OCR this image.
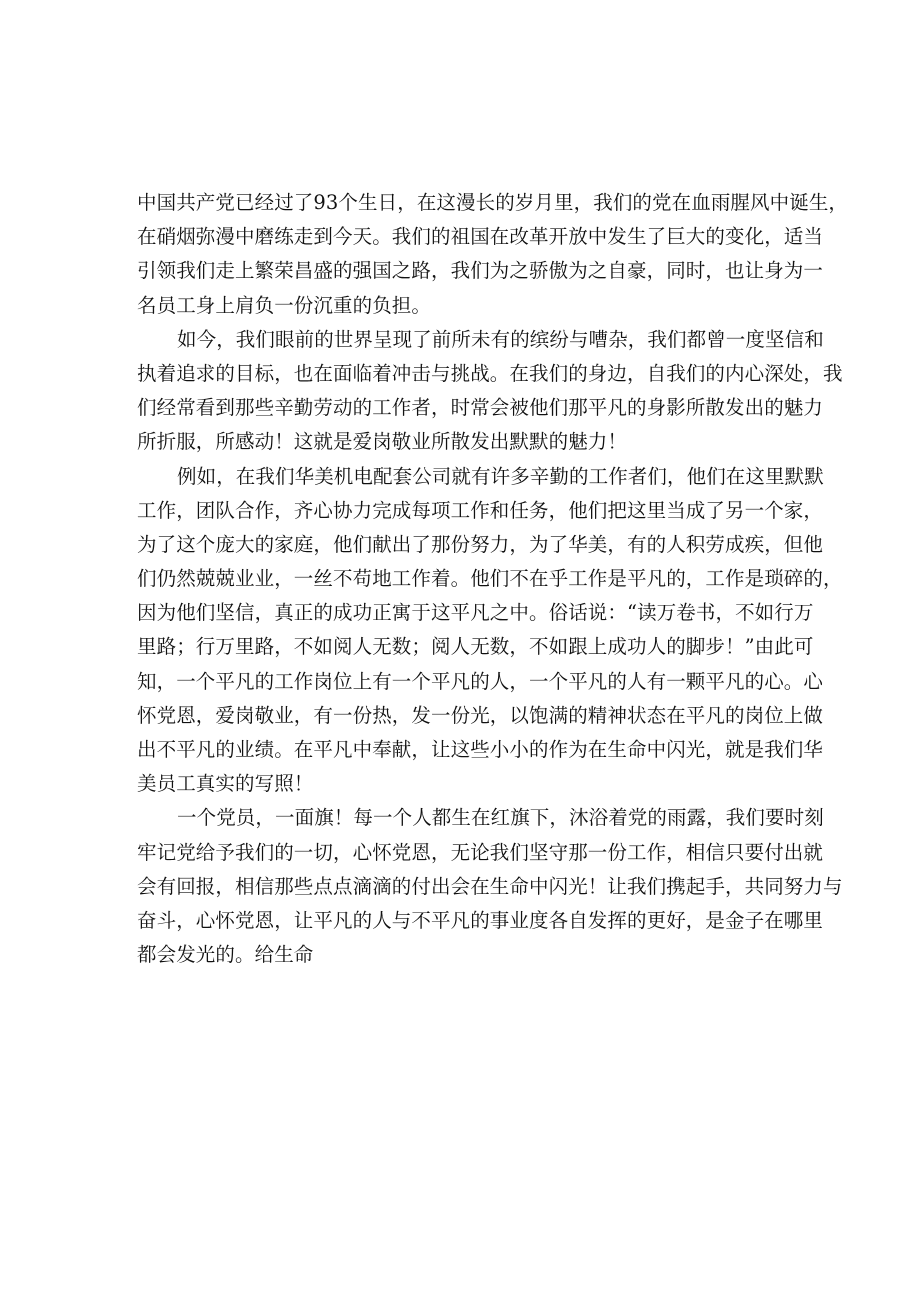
中国共产党已经过了93个生日，在这漫长的岁月里，我们的党在血雨腥风中诞生，
在硝烟弥漫中磨练走到今天。我们的祖国在改革开放中发生了巨大的变化，适当
引领我们走上繁荣昌盛的强国之路，我们为之骄傲为之自豪，同时，也让身为一
名员工身上肩负一份沉重的负担。
如今，我们眼前的世界呈现了前所未有的缤纷与嘈杂，我们都曾一度坚信和
执着追求的目标，也在面临着冲击与挑战。在我们的身边，自我们的内心深处，我
们经常看到那些辛勤劳动的工作者，时常会被他们那平凡的身影所散发出的魅力
所折服，所感动！这就是爱岗敬业所散发出默默的魅力！
例如，在我们华美机电配套公司就有许多辛勤的工作者们，他们在这里默默
工作，团队合作，齐心协力完成每项工作和任务，他们把这里当成了另一个家，
为了这个庞大的家庭，他们献出了那份努力，为了华美，有的人积劳成疾，但他
们仍然兢兢业业，一丝不苟地工作着。他们不在乎工作是平凡的，工作是琐碎的，
因为他们坚信，真正的成功正寓于这平凡之中。俗话说：“读万卷书，不如行万
里路；行万里路，不如阅人无数；阅人无数，不如跟上成功人的脚步！”由此可
知，一个平凡的工作岗位上有一个平凡的人，一个平凡的人有一颗平凡的心。心
怀党恩，爱岗敬业，有一份热，发一份光，以饱满的精神状态在平凡的岗位上做
出不平凡的业绩。在平凡中奉献，让这些小小的作为在生命中闪光，就是我们华
美员工真实的写照！
一个党员，一面旗！每一个人都生在红旗下，沐浴着党的雨露，我们要时刻
牢记党给予我们的一切，心怀党恩，无论我们坚守那一份工作，相信只要付出就
会有回报，相信那些点点滴滴的付出会在生命中闪光！让我们携起手，共同努力与
奋斗，心怀党恩，让平凡的人与不平凡的事业度各自发挥的更好，是金子在哪里
都会发光的。给生命
